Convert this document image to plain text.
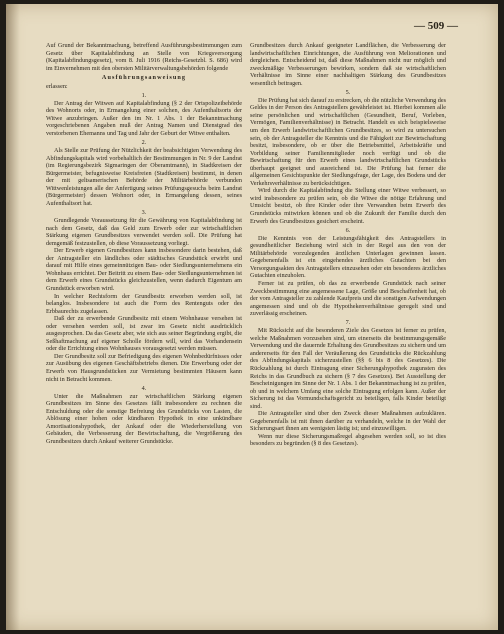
— 509 —

Auf Grund der Bekanntmachung, betreffend Ausführungsbestimmungen zum Gesetz über Kapitalabfindung an Stelle von Kriegsversorgung (Kapitalabfindungsgesetz), vom 8. Juli 1916 (Reichs-Gesetzbl. S. 686) wird im Einvernehmen mit den obersten Militärverwaltungsbehörden folgende

Ausführungsanweisung

erlassen:

1.

Der Antrag der Witwen auf Kapitalabfindung (§ 2 der Ortspolizeibehörde des Wohnorts oder, in Ermangelung einer solchen, des Aufenthaltsorts der Witwe anzubringen. Außer den im Nr. 1 Abs. 1 der Bekanntmachung vorgeschriebenen Angaben muß der Antrag Namen und Dienstgrad des verstorbenen Ehemanns und Tag und Jahr der Geburt der Witwe enthalten.

2.

Als Stelle zur Prüfung der Nützlichkeit der beabsichtigten Verwendung des Abfindungskapitals wird vorbehaltlich der Bestimmungen in Nr. 9 der Landrat (im Regierungsbezirk Sigmaringen der Oberamtmann), in Stadtkreisen der Bürgermeister, befugnisweise Kreisfreien (Stadtkreisen) bestimmt, in denen der mit geltsamerischen Behörde der Militärbehörde verbunden Wittwenleistungen alle der Anfertigung seines Prüfungsgesuchs beim Landrat (Bürgermeister) dessen Wohnort oder, in Ermangelung dessen, seines Aufenthaltsort hat.

3.

Grundlegende Voraussetzung für die Gewährung von Kapitalabfindung ist nach dem Gesetz, daß das Geld zum Erwerb oder zur wirtschaftlichen Stärkung eigenen Grundbesitzes verwendet werden soll. Die Prüfung hat demgemäß festzustellen, ob diese Voraussetzung vorliegt.

Der Erwerb eigenen Grundbesitzes kann insbesondere darin bestehen, daß der Antragsteller ein ländliches oder städtisches Grundstück erwirbt und darauf mit Hilfe eines gemeinnützigen Bau- oder Siedlungsunternehmens ein Wohnhaus errichtet. Der Beitritt zu einem Bau- oder Siedlungsunternehmen ist dem Erwerb eines Grundstücks gleichzustellen, wenn dadurch Eigentum am Grundstück erworben wird.

In welcher Rechtsform der Grundbesitz erworben werden soll, ist belanglos. Insbesondere ist auch die Form des Rentenguts oder des Erbbaurechts zugelassen.

Daß der zu erwerbende Grundbesitz mit einem Wohnhause versehen ist oder versehen werden soll, ist zwar im Gesetz nicht ausdrücklich ausgesprochen. Da das Gesetz aber, wie sich aus seiner Begründung ergibt, die Seßhaftmachung auf eigener Scholle fördern will, wird das Vorhandensein oder die Errichtung eines Wohnhauses vorausgesetzt werden müssen.

Der Grundbesitz soll zur Befriedigung des eigenen Wohnbedürfnisses oder zur Ausübung des eigenen Geschäftsbetriebs dienen. Die Erwerbung oder der Erwerb von Hausgrundstücken zur Vermietung bestimmten Häusern kann nicht in Betracht kommen.

4.

Unter die Maßnahmen zur wirtschaftlichen Stärkung eigenen Grundbesitzes im Sinne des Gesetzes fällt insbesondere zu rechnen die Entschuldung oder die sonstige Befreiung des Grundstücks von Lasten, die Ablösung einer hohen oder kündbaren Hypothek in eine unkündbare Amortisationshypothek, der Ankauf oder die Wiederherstellung von Gebäuden, die Verbesserung der Bewirtschaftung, die Vergrößerung des Grundbesitzes durch Ankauf weiterer Grundstücke.

Grundbesitzes durch Ankauf geeigneter Landflächen, die Verbesserung der landwirtschaftlichen Einrichtungen, die Ausführung von Meliorationen und dergleichen. Entscheidend ist, daß diese Maßnahmen nicht nur möglich und zweckmäßige Verbesserungen bewirken, sondern daß sie wirtschaftlichen Verhältnisse im Sinne einer nachhaltigen Stärkung des Grundbesitzes wesentlich beitragen.

5.

Die Prüfung hat sich darauf zu erstrecken, ob die nützliche Verwendung des Geldes in der Person des Antragstellers gewährleistet ist. Hierbei kommen alle seine persönlichen und wirtschaftlichen (Gesundheit, Beruf, Vorleben, Vermögen, Familienverhältnisse) in Betracht. Handelt es sich beispielsweise um den Erwerb landwirtschaftlichen Grundbesitzes, so wird zu untersuchen sein, ob der Antragsteller die Kenntnis und die Fähigkeit zur Bewirtschaftung besitzt, insbesondere, ob er über die Betriebsmittel, Arbeitskräfte und Vorbildung seiner Familienmitglieder noch verfügt und ob die Bewirtschaftung für den Erwerb eines landwirtschaftlichen Grundstücks überhaupt geeignet und ausreichend ist. Die Prüfung hat ferner die allgemeinen Gesichtspunkte der Siedlungsfrage, der Lage, des Bodens und der Verkehrsverhältnisse zu berücksichtigen.

Wird durch die Kapitalabfindung die Stellung einer Witwe verbessert, so wird insbesondere zu prüfen sein, ob die Witwe die nötige Erfahrung und Umsicht besitzt, ob ihre Kinder oder ihre Verwandten beim Erwerb des Grundstücks mitwirken können und ob die Zukunft der Familie durch den Erwerb des Grundbesitzes gesichert erscheint.

6.

Die Kenntnis von der Leistungsfähigkeit des Antragstellers in gesundheitlicher Beziehung wird sich in der Regel aus den von der Militärbehörde vorzulegenden ärztlichen Unterlagen gewinnen lassen. Gegebenenfalls ist ein eingehendes ärztliches Gutachten bei den Versorgungsakten des Antragstellers einzusehen oder ein besonderes ärztliches Gutachten einzuholen.

Ferner ist zu prüfen, ob das zu erwerbende Grundstück nach seiner Zweckbestimmung eine angemessene Lage, Größe und Beschaffenheit hat, ob der vom Antragsteller zu zahlende Kaufpreis und die sonstigen Aufwendungen angemessen sind und ob die Hypothekenverhältnisse geregelt sind und zuverlässig erscheinen.

7.

Mit Rücksicht auf die besonderen Ziele des Gesetzes ist ferner zu prüfen, welche Maßnahmen vorzusehen sind, um einerseits die bestimmungsgemäße Verwendung und die dauernde Erhaltung des Grundbesitzes zu sichern und um andererseits für den Fall der Veräußerung des Grundstücks die Rückzahlung des Abfindungskapitals sicherzustellen (§§ 6 bis 8 des Gesetzes). Die Rückzahlung ist durch Eintragung einer Sicherungshypothek zugunsten des Reichs in das Grundbuch zu sichern (§ 7 des Gesetzes). Bei Ausstellung der Bescheinigungen im Sinne der Nr. 1 Abs. 1 der Bekanntmachung ist zu prüfen, ob und in welchem Umfang eine solche Eintragung erfolgen kann. Außer der Sicherung ist das Vormundschaftsgericht zu beteiligen, falls Kinder beteiligt sind.

Die Antragsteller sind über den Zweck dieser Maßnahmen aufzuklären. Gegebenenfalls ist mit ihnen darüber zu verhandeln, welche in der Wahl der Sicherungsart ihnen am wenigsten lästig ist; und einzuwilligen.

Wenn nur diese Sicherungsmaßregel abgesehen werden soll, so ist dies besonders zu begründen (§ 8 des Gesetzes).
